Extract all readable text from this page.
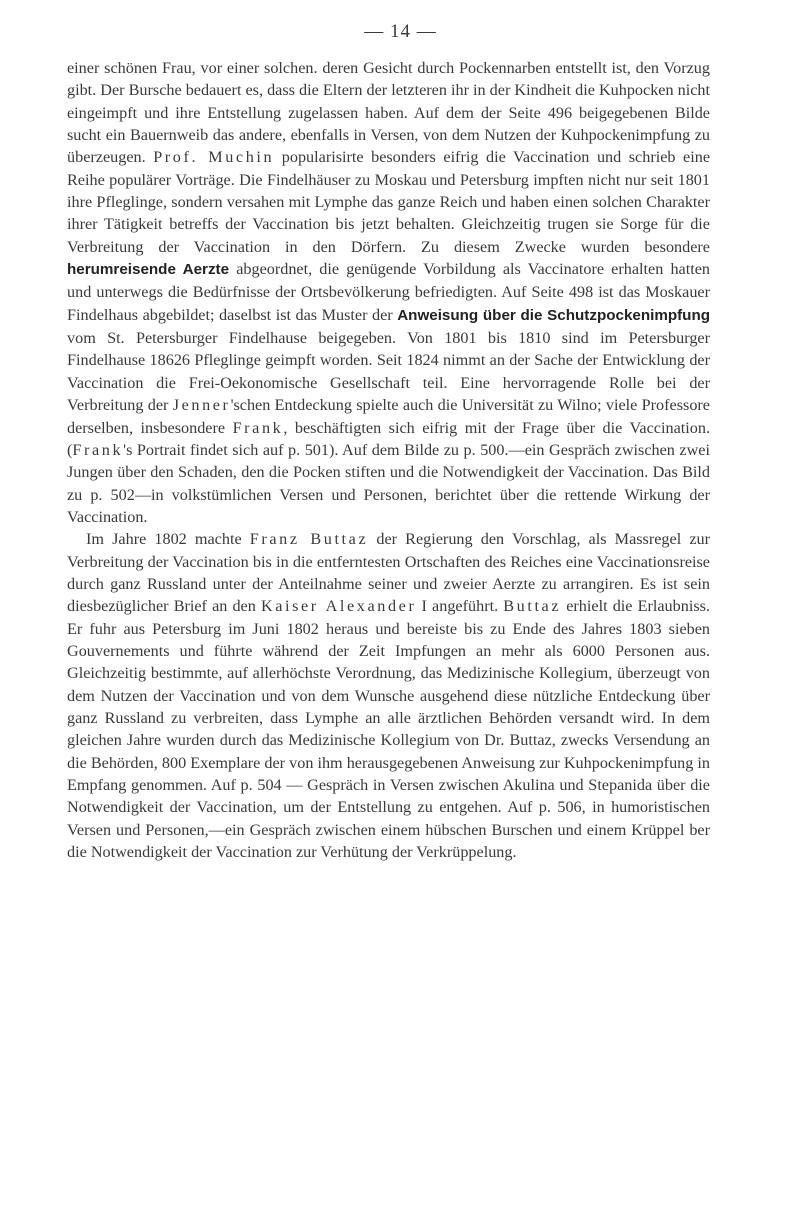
— 14 —

einer schönen Frau, vor einer solchen. deren Gesicht durch Pockennarben entstellt ist, den Vorzug gibt. Der Bursche bedauert es, dass die Eltern der letzteren ihr in der Kindheit die Kuhpocken nicht eingeimpft und ihre Entstellung zugelassen haben. Auf dem der Seite 496 beigegebenen Bilde sucht ein Bauernweib das andere, ebenfalls in Versen, von dem Nutzen der Kuhpockenimpfung zu überzeugen. Prof. Muchin popularisirte besonders eifrig die Vaccination und schrieb eine Reihe populärer Vorträge. Die Findelhäuser zu Moskau und Petersburg impften nicht nur seit 1801 ihre Pfleglinge, sondern versahen mit Lymphe das ganze Reich und haben einen solchen Charakter ihrer Tätigkeit betreffs der Vaccination bis jetzt behalten. Gleichzeitig trugen sie Sorge für die Verbreitung der Vaccination in den Dörfern. Zu diesem Zwecke wurden besondere herumreisende Aerzte abgeordnet, die genügende Vorbildung als Vaccinatore erhalten hatten und unterwegs die Bedürfnisse der Ortsbevölkerung befriedigten. Auf Seite 498 ist das Moskauer Findelhaus abgebildet; daselbst ist das Muster der Anweisung über die Schutzpockenimpfung vom St. Petersburger Findelhause beigegeben. Von 1801 bis 1810 sind im Petersburger Findelhause 18626 Pfleglinge geimpft worden. Seit 1824 nimmt an der Sache der Entwicklung der Vaccination die Frei-Oekonomische Gesellschaft teil. Eine hervorragende Rolle bei der Verbreitung der Jenner'schen Entdeckung spielte auch die Universität zu Wilno; viele Professore derselben, insbesondere Frank, beschäftigten sich eifrig mit der Frage über die Vaccination. (Frank's Portrait findet sich auf p. 501). Auf dem Bilde zu p. 500.—ein Gespräch zwischen zwei Jungen über den Schaden, den die Pocken stiften und die Notwendigkeit der Vaccination. Das Bild zu p. 502—in volkstümlichen Versen und Personen, berichtet über die rettende Wirkung der Vaccination.

Im Jahre 1802 machte Franz Buttaz der Regierung den Vorschlag, als Massregel zur Verbreitung der Vaccination bis in die entferntesten Ortschaften des Reiches eine Vaccinationsreise durch ganz Russland unter der Anteilnahme seiner und zweier Aerzte zu arrangiren. Es ist sein diesbezüglicher Brief an den Kaiser Alexander I angeführt. Buttaz erhielt die Erlaubniss. Er fuhr aus Petersburg im Juni 1802 heraus und bereiste bis zu Ende des Jahres 1803 sieben Gouvernements und führte während der Zeit Impfungen an mehr als 6000 Personen aus. Gleichzeitig bestimmte, auf allerhöchste Verordnung, das Medizinische Kollegium, überzeugt von dem Nutzen der Vaccination und von dem Wunsche ausgehend diese nützliche Entdeckung über ganz Russland zu verbreiten, dass Lymphe an alle ärztlichen Behörden versandt wird. In dem gleichen Jahre wurden durch das Medizinische Kollegium von Dr. Buttaz, zwecks Versendung an die Behörden, 800 Exemplare der von ihm herausgegebenen Anweisung zur Kuhpockenimpfung in Empfang genommen. Auf p. 504 — Gespräch in Versen zwischen Akulina und Stepanida über die Notwendigkeit der Vaccination, um der Entstellung zu entgehen. Auf p. 506, in humoristischen Versen und Personen,—ein Gespräch zwischen einem hübschen Burschen und einem Krüppel ber die Notwendigkeit der Vaccination zur Verhütung der Verkrüppelung.
